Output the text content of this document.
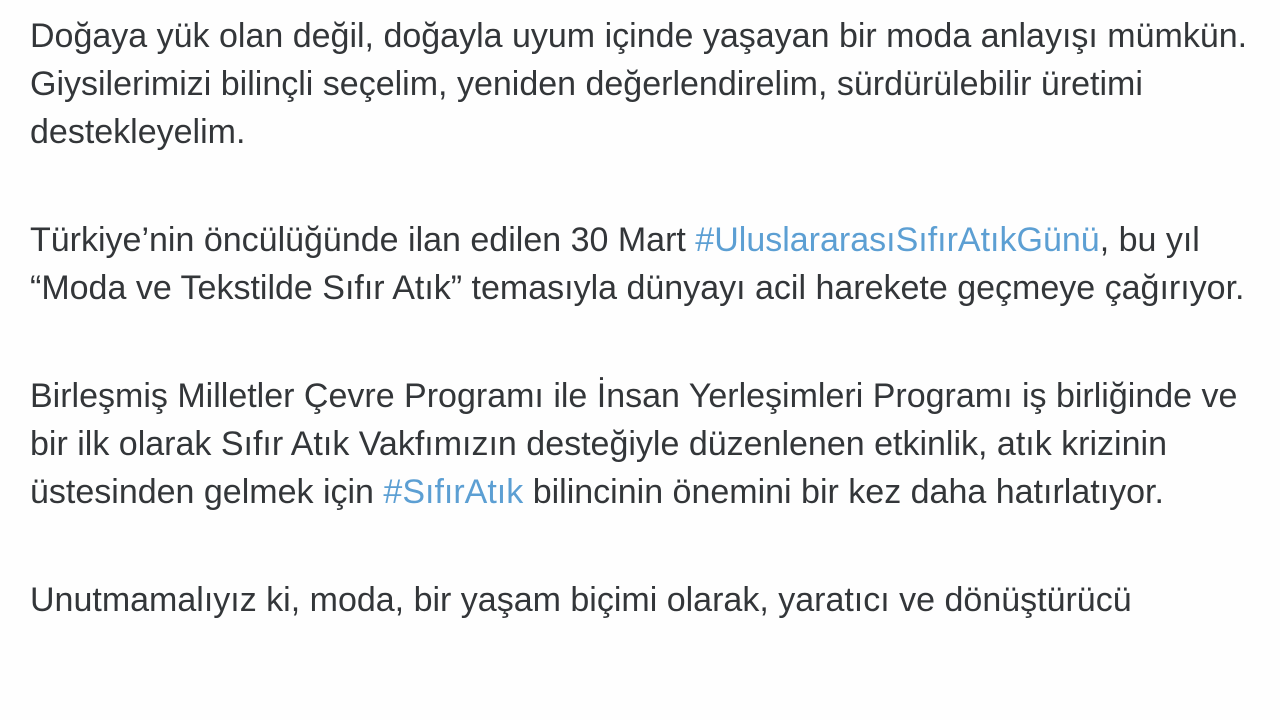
Doğaya yük olan değil, doğayla uyum içinde yaşayan bir moda anlayışı mümkün. Giysilerimizi bilinçli seçelim, yeniden değerlendirelim, sürdürülebilir üretimi destekleyelim.

Türkiye’nin öncülüğünde ilan edilen 30 Mart #UluslararasıSıfırAtıkGünü, bu yıl “Moda ve Tekstilde Sıfır Atık” temasıyla dünyayı acil harekete geçmeye çağırıyor.

Birleşmiş Milletler Çevre Programı ile İnsan Yerleşimleri Programı iş birliğinde ve bir ilk olarak Sıfır Atık Vakfımızın desteğiyle düzenlenen etkinlik, atık krizinin üstesinden gelmek için #SıfırAtık bilincinin önemini bir kez daha hatırlatıyor.

Unutmamalıyız ki, moda, bir yaşam biçimi olarak, yaratıcı ve dönüştürücü
